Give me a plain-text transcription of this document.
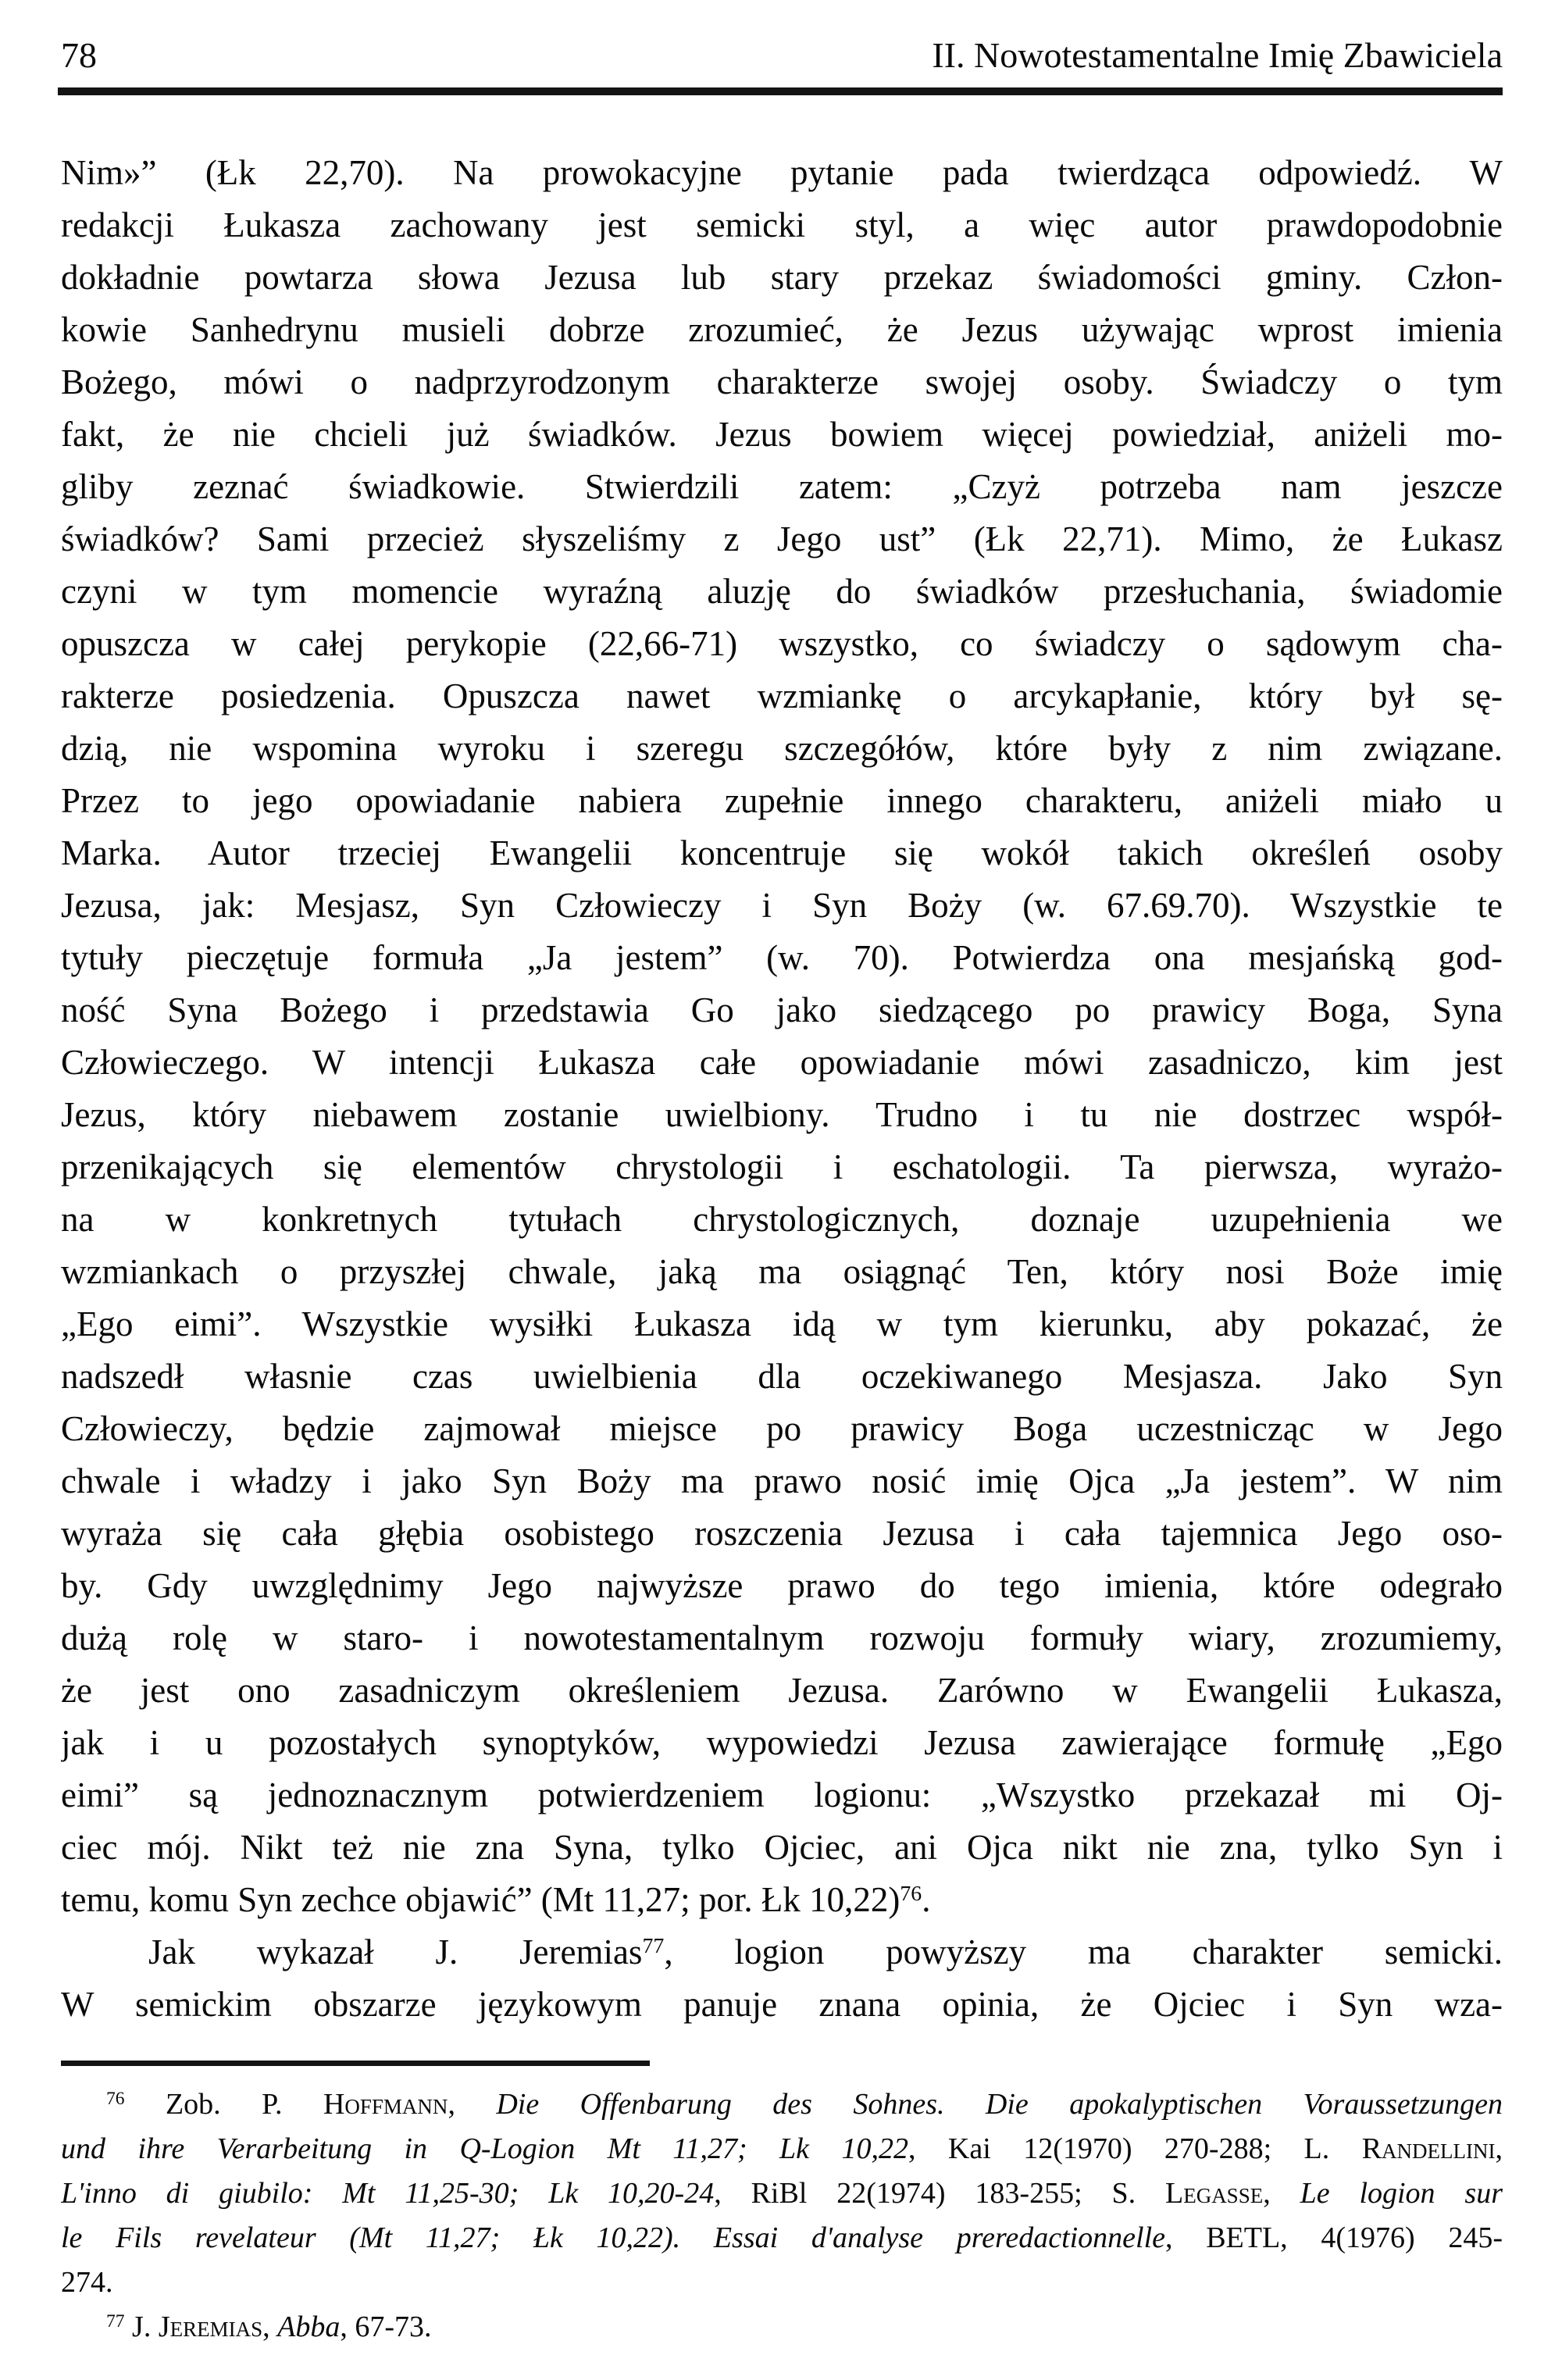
78	II. Nowotestamentalne Imię Zbawiciela
Nim»” (Łk 22,70). Na prowokacyjne pytanie pada twierdząca odpowiedź. W
redakcji Łukasza zachowany jest semicki styl, a więc autor prawdopodobnie
dokładnie powtarza słowa Jezusa lub stary przekaz świadomości gminy. Człon-
kowie Sanhedrynu musieli dobrze zrozumieć, że Jezus używając wprost imienia
Bożego, mówi o nadprzyrodzonym charakterze swojej osoby. Świadczy o tym
fakt, że nie chcieli już świadków. Jezus bowiem więcej powiedział, aniżeli mo-
gliby zeznać świadkowie. Stwierdzili zatem: „Czyż potrzeba nam jeszcze
świadków? Sami przecież słyszeliśmy z Jego ust” (Łk 22,71). Mimo, że Łukasz
czyni w tym momencie wyraźną aluzję do świadków przesłuchania, świadomie
opuszcza w całej perykopie (22,66-71) wszystko, co świadczy o sądowym cha-
rakterze posiedzenia. Opuszcza nawet wzmiankę o arcykapłanie, który był sę-
dzią, nie wspomina wyroku i szeregu szczegółów, które były z nim związane.
Przez to jego opowiadanie nabiera zupełnie innego charakteru, aniżeli miało u
Marka. Autor trzeciej Ewangelii koncentruje się wokół takich określeń osoby
Jezusa, jak: Mesjasz, Syn Człowieczy i Syn Boży (w. 67.69.70). Wszystkie te
tytuły pieczętuje formuła „Ja jestem” (w. 70). Potwierdza ona mesjańską god-
ność Syna Bożego i przedstawia Go jako siedzącego po prawicy Boga, Syna
Człowieczego. W intencji Łukasza całe opowiadanie mówi zasadniczo, kim jest
Jezus, który niebawem zostanie uwielbiony. Trudno i tu nie dostrzec współ-
przenikających się elementów chrystologii i eschatologii. Ta pierwsza, wyrażo-
na w konkretnych tytułach chrystologicznych, doznaje uzupełnienia we
wzmiankach o przyszłej chwale, jaką ma osiągnąć Ten, który nosi Boże imię
„Ego eimi”. Wszystkie wysiłki Łukasza idą w tym kierunku, aby pokazać, że
nadszedł własnie czas uwielbienia dla oczekiwanego Mesjasza. Jako Syn
Człowieczy, będzie zajmował miejsce po prawicy Boga uczestnicząc w Jego
chwale i władzy i jako Syn Boży ma prawo nosić imię Ojca „Ja jestem”. W nim
wyraża się cała głębia osobistego roszczenia Jezusa i cała tajemnica Jego oso-
by. Gdy uwzględnimy Jego najwyższe prawo do tego imienia, które odegrało
dużą rolę w staro- i nowotestamentalnym rozwoju formuły wiary, zrozumiemy,
że jest ono zasadniczym określeniem Jezusa. Zarówno w Ewangelii Łukasza,
jak i u pozostałych synoptyków, wypowiedzi Jezusa zawierające formułę „Ego
eimi” są jednoznacznym potwierdzeniem logionu: „Wszystko przekazał mi Oj-
ciec mój. Nikt też nie zna Syna, tylko Ojciec, ani Ojca nikt nie zna, tylko Syn i
temu, komu Syn zechce objawić” (Mt 11,27; por. Łk 10,22)$^{76}$.
Jak wykazał J. Jeremias$^{77}$, logion powyższy ma charakter semicki.
W semickim obszarze językowym panuje znana opinia, że Ojciec i Syn wza-
$^{76}$ Zob. P. Hoffmann, Die Offenbarung des Sohnes. Die apokalyptischen Voraussetzungen
und ihre Verarbeitung in Q-Logion Mt 11,27; Lk 10,22, Kai 12(1970) 270-288; L. Randellini,
L'inno di giubilo: Mt 11,25-30; Lk 10,20-24, RiBl 22(1974) 183-255; S. Legasse, Le logion sur
le Fils revelateur (Mt 11,27; Łk 10,22). Essai d'analyse preredactionnelle, BETL, 4(1976) 245-
274.
$^{77}$ J. Jeremias, Abba, 67-73.
